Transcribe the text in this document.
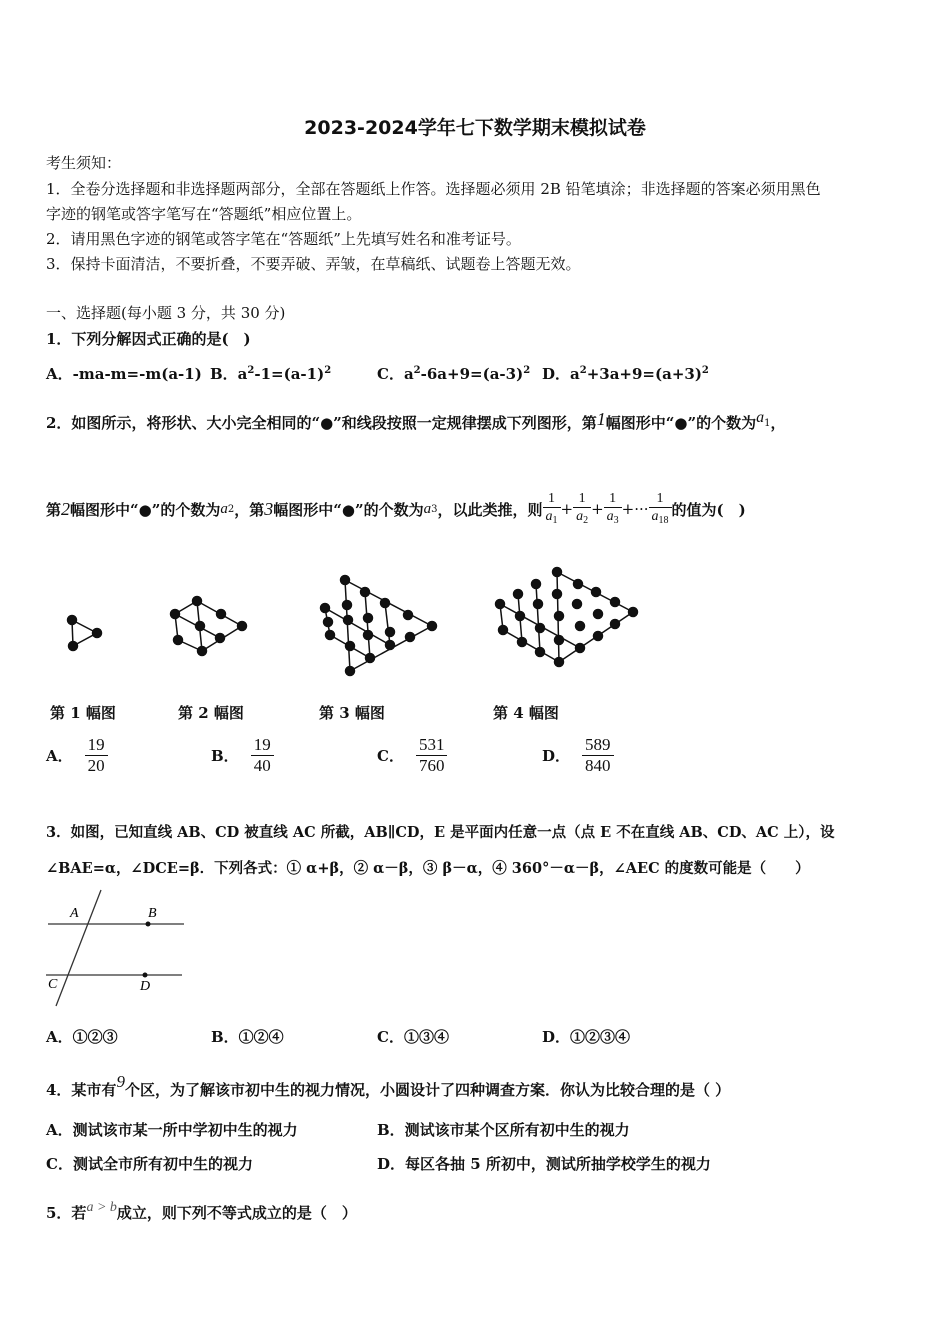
2023-2024学年七下数学期末模拟试卷
考生须知：
1．全卷分选择题和非选择题两部分，全部在答题纸上作答。选择题必须用 2B 铅笔填涂；非选择题的答案必须用黑色
字迹的钢笔或答字笔写在“答题纸”相应位置上。
2．请用黑色字迹的钢笔或答字笔在“答题纸”上先填写姓名和准考证号。
3．保持卡面清洁，不要折叠，不要弄破、弄皱，在草稿纸、试题卷上答题无效。
一、选择题(每小题 3 分，共 30 分)
1．下列分解因式正确的是(　)
A．-ma-m=-m(a-1) B．$a^2-1=(a-1)^2$	C．$a^2-6a+9=(a-3)^2$ D．$a^2+3a+9=(a+3)^2$
2．如图所示，将形状、大小完全相同的“●”和线段按照一定规律摆成下列图形，第1幅图形中“●”的个数为$a^1$，
第 2 幅图形中“●”的个数为 a 2 ，第 3 幅图形中“●”的个数为 a 3 ，以此类推，则 $\frac{1}{a_1} + \frac{1}{a_2} + \frac{1}{a_3}$ +··· $\frac{1}{a_{18}}$ 的值为(　)
第 1 幅图	第 2 幅图	第 3 幅图	第 4 幅图
A． $\frac{19}{20}$	B． $\frac{19}{40}$	C． $\frac{531}{760}$	D． $\frac{589}{840}$
3．如图，已知直线 AB、CD 被直线 AC 所截，AB∥CD，E 是平面内任意一点（点 E 不在直线 AB、CD、AC 上），设
∠BAE=α，∠DCE=β．下列各式：① α+β，② α－β，③ β－α，④ 360°－α－β，∠AEC 的度数可能是（　　）
A	B
C	D
A．①②③	B．①②④	C．①③④	D．①②③④
4．某市有9个区，为了解该市初中生的视力情况，小圆设计了四种调查方案．你认为比较合理的是（ ）
A．测试该市某一所中学初中生的视力	B．测试该市某个区所有初中生的视力
C．测试全市所有初中生的视力	D．每区各抽 5 所初中，测试所抽学校学生的视力
5．若a > b成立，则下列不等式成立的是（　）
